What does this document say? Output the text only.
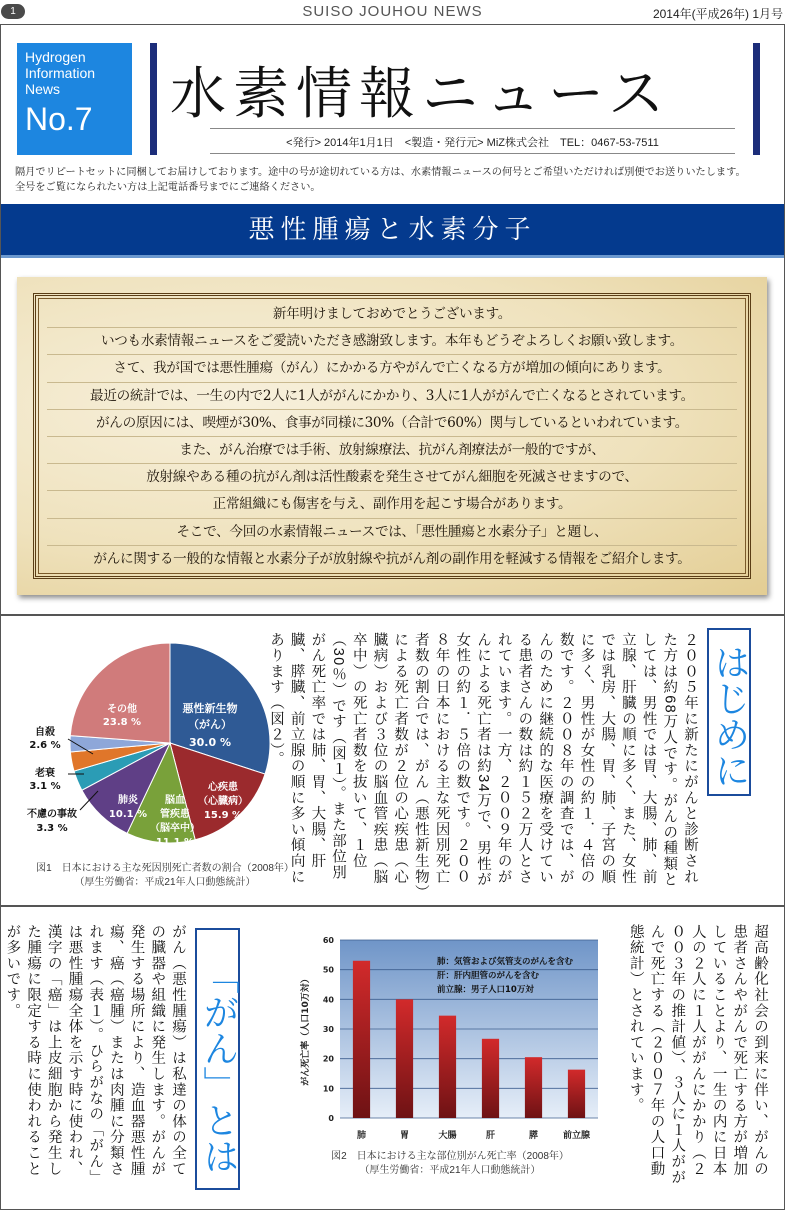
1	SUISO JOUHOU NEWS	2014年(平成26年) 1月号
Hydrogen
Information
News
No.7	水素情報ニュース
<発行> 2014年1月1日　<製造・発行元> MiZ株式会社　TEL：0467-53-7511
隔月でリピートセットに同梱してお届けしております。途中の号が途切れている方は、水素情報ニュースの何号とご希望いただければ別便でお送りいたします。
全号をご覧になられたい方は上記電話番号までにご連絡ください。
悪性腫瘍と水素分子
新年明けましておめでとうございます。
いつも水素情報ニュースをご愛読いただき感謝致します。本年もどうぞよろしくお願い致します。
さて、我が国では悪性腫瘍（がん）にかかる方やがんで亡くなる方が増加の傾向にあります。
最近の統計では、一生の内で2人に1人ががんにかかり、3人に1人ががんで亡くなるとされています。
がんの原因には、喫煙が30%、食事が同様に30%（合計で60%）関与しているといわれています。
また、がん治療では手術、放射線療法、抗がん剤療法が一般的ですが、
放射線やある種の抗がん剤は活性酸素を発生させてがん細胞を死滅させますので、
正常組織にも傷害を与え、副作用を起こす場合があります。
そこで、今回の水素情報ニュースでは、「悪性腫瘍と水素分子」と題し、
がんに関する一般的な情報と水素分子が放射線や抗がん剤の副作用を軽減する情報をご紹介します。
悪性新生物
（がん）
30.0 %
心疾患
（心臓病）
15.9 %
脳血
管疾患
（脳卒中）
11.1 %
肺炎
10.1 %
その他
23.8 %
自殺
2.6 %
老衰
3.1 %
不慮の事故
3.3 %
図1　日本における主な死因別死亡者数の割合（2008年）
（厚生労働省：平成21年人口動態統計）
はじめに
２００５年に新たにがんと診断された方は約68万人です。がんの種類としては、男性では胃、大腸、肺、前立腺、肝臓の順に多く、また、女性では乳房、大腸、胃、肺、子宮の順に多く、男性が女性の約１．４倍の数です。２００８年の調査では、がんのために継続的な医療を受けている患者さんの数は約１５２万人とされています。一方、２００９年のがんによる死亡者は約34万で、男性が女性の約１．５倍の数です。２００８年の日本における主な死因別死亡者数の割合では、がん（悪性新生物）による死亡者数が２位の心疾患（心臓病）および３位の脳血管疾患（脳卒中）の死亡者数を抜いて、１位（30％）です（図１）。また部位別がん死亡率では肺、胃、大腸、肝臓、膵臓、前立腺の順に多い傾向にあります（図２）。
超高齢化社会の到来に伴い、がんの患者さんやがんで死亡する方が増加していることより、一生の内に日本人の２人に１人ががんにかかり（２００３年の推計値）、３人に１人ががんで死亡する（２００７年の人口動態統計）とされています。
0
10
20
30
40
50
60
肺	胃	大腸	肝	膵	前立腺
がん死亡率（人口10万対）
肺：気管および気管支のがんを含む
肝：肝内胆管のがんを含む
前立腺：男子人口10万対
図2　日本における主な部位別がん死亡率（2008年）
（厚生労働省：平成21年人口動態統計）
「がん」とは
がん（悪性腫瘍）は私達の体の全ての臓器や組織に発生します。がんが発生する場所により、造血器悪性腫瘍、癌（癌腫）または肉腫に分類されます（表１）。ひらがなの「がん」は悪性腫瘍全体を示す時に使われ、漢字の「癌」は上皮細胞から発生した腫瘍に限定する時に使われることが多いです。
